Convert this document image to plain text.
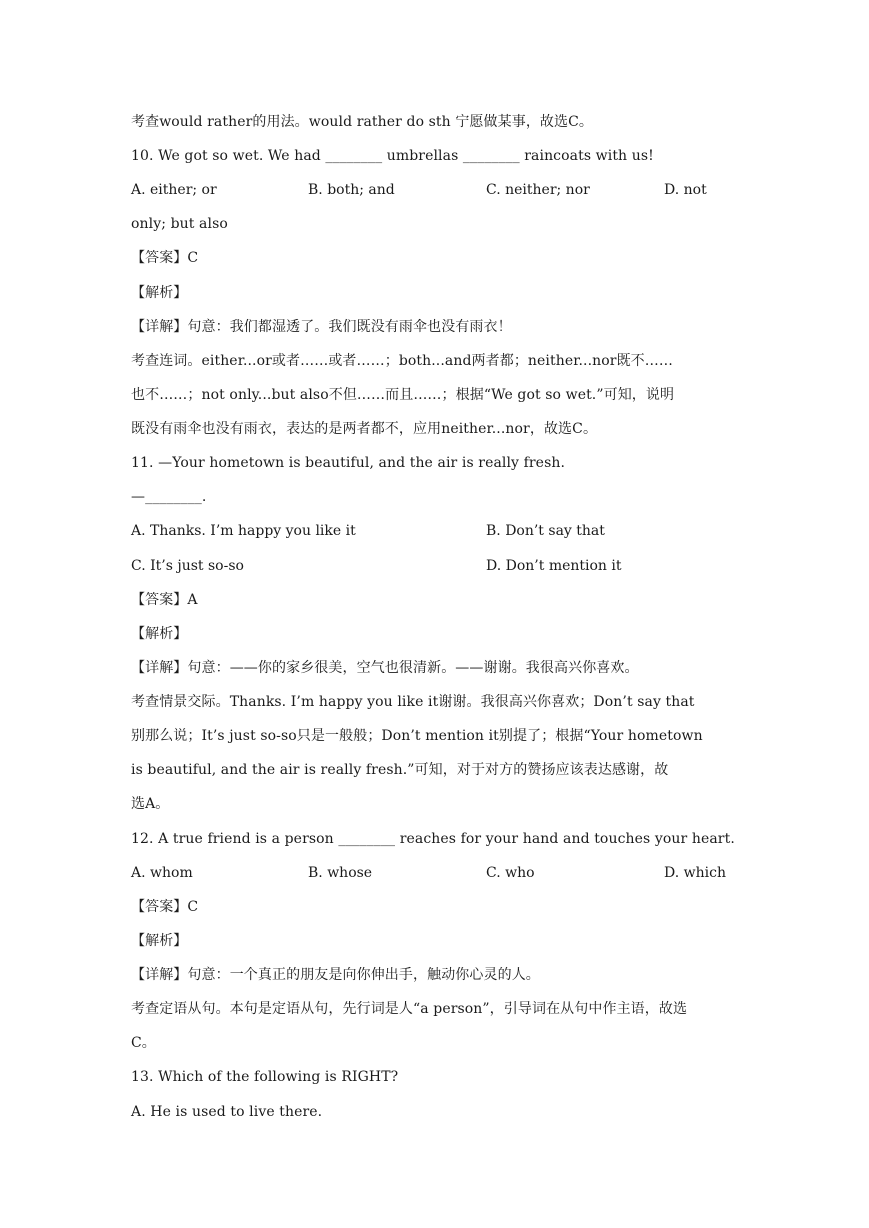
考查would rather的用法。would rather do sth 宁愿做某事，故选C。
10. We got so wet. We had ________ umbrellas ________ raincoats with us!
A. either; or	B. both; and	C. neither; nor	D. not
only; but also
【答案】C
【解析】
【详解】句意：我们都湿透了。我们既没有雨伞也没有雨衣！
考查连词。either...or或者……或者……；both...and两者都；neither...nor既不……
也不……；not only...but also不但……而且……；根据“We got so wet.”可知，说明
既没有雨伞也没有雨衣，表达的是两者都不，应用neither...nor，故选C。
11. —Your hometown is beautiful, and the air is really fresh.
—________.
A. Thanks. I’m happy you like it	B. Don’t say that
C. It’s just so-so	D. Don’t mention it
【答案】A
【解析】
【详解】句意：——你的家乡很美，空气也很清新。——谢谢。我很高兴你喜欢。
考查情景交际。Thanks. I’m happy you like it谢谢。我很高兴你喜欢；Don’t say that
别那么说；It’s just so-so只是一般般；Don’t mention it别提了；根据“Your hometown
is beautiful, and the air is really fresh.”可知，对于对方的赞扬应该表达感谢，故
选A。
12. A true friend is a person ________ reaches for your hand and touches your heart.
A. whom	B. whose	C. who	D. which
【答案】C
【解析】
【详解】句意：一个真正的朋友是向你伸出手，触动你心灵的人。
考查定语从句。本句是定语从句，先行词是人“a person”，引导词在从句中作主语，故选
C。
13. Which of the following is RIGHT?
A. He is used to live there.
